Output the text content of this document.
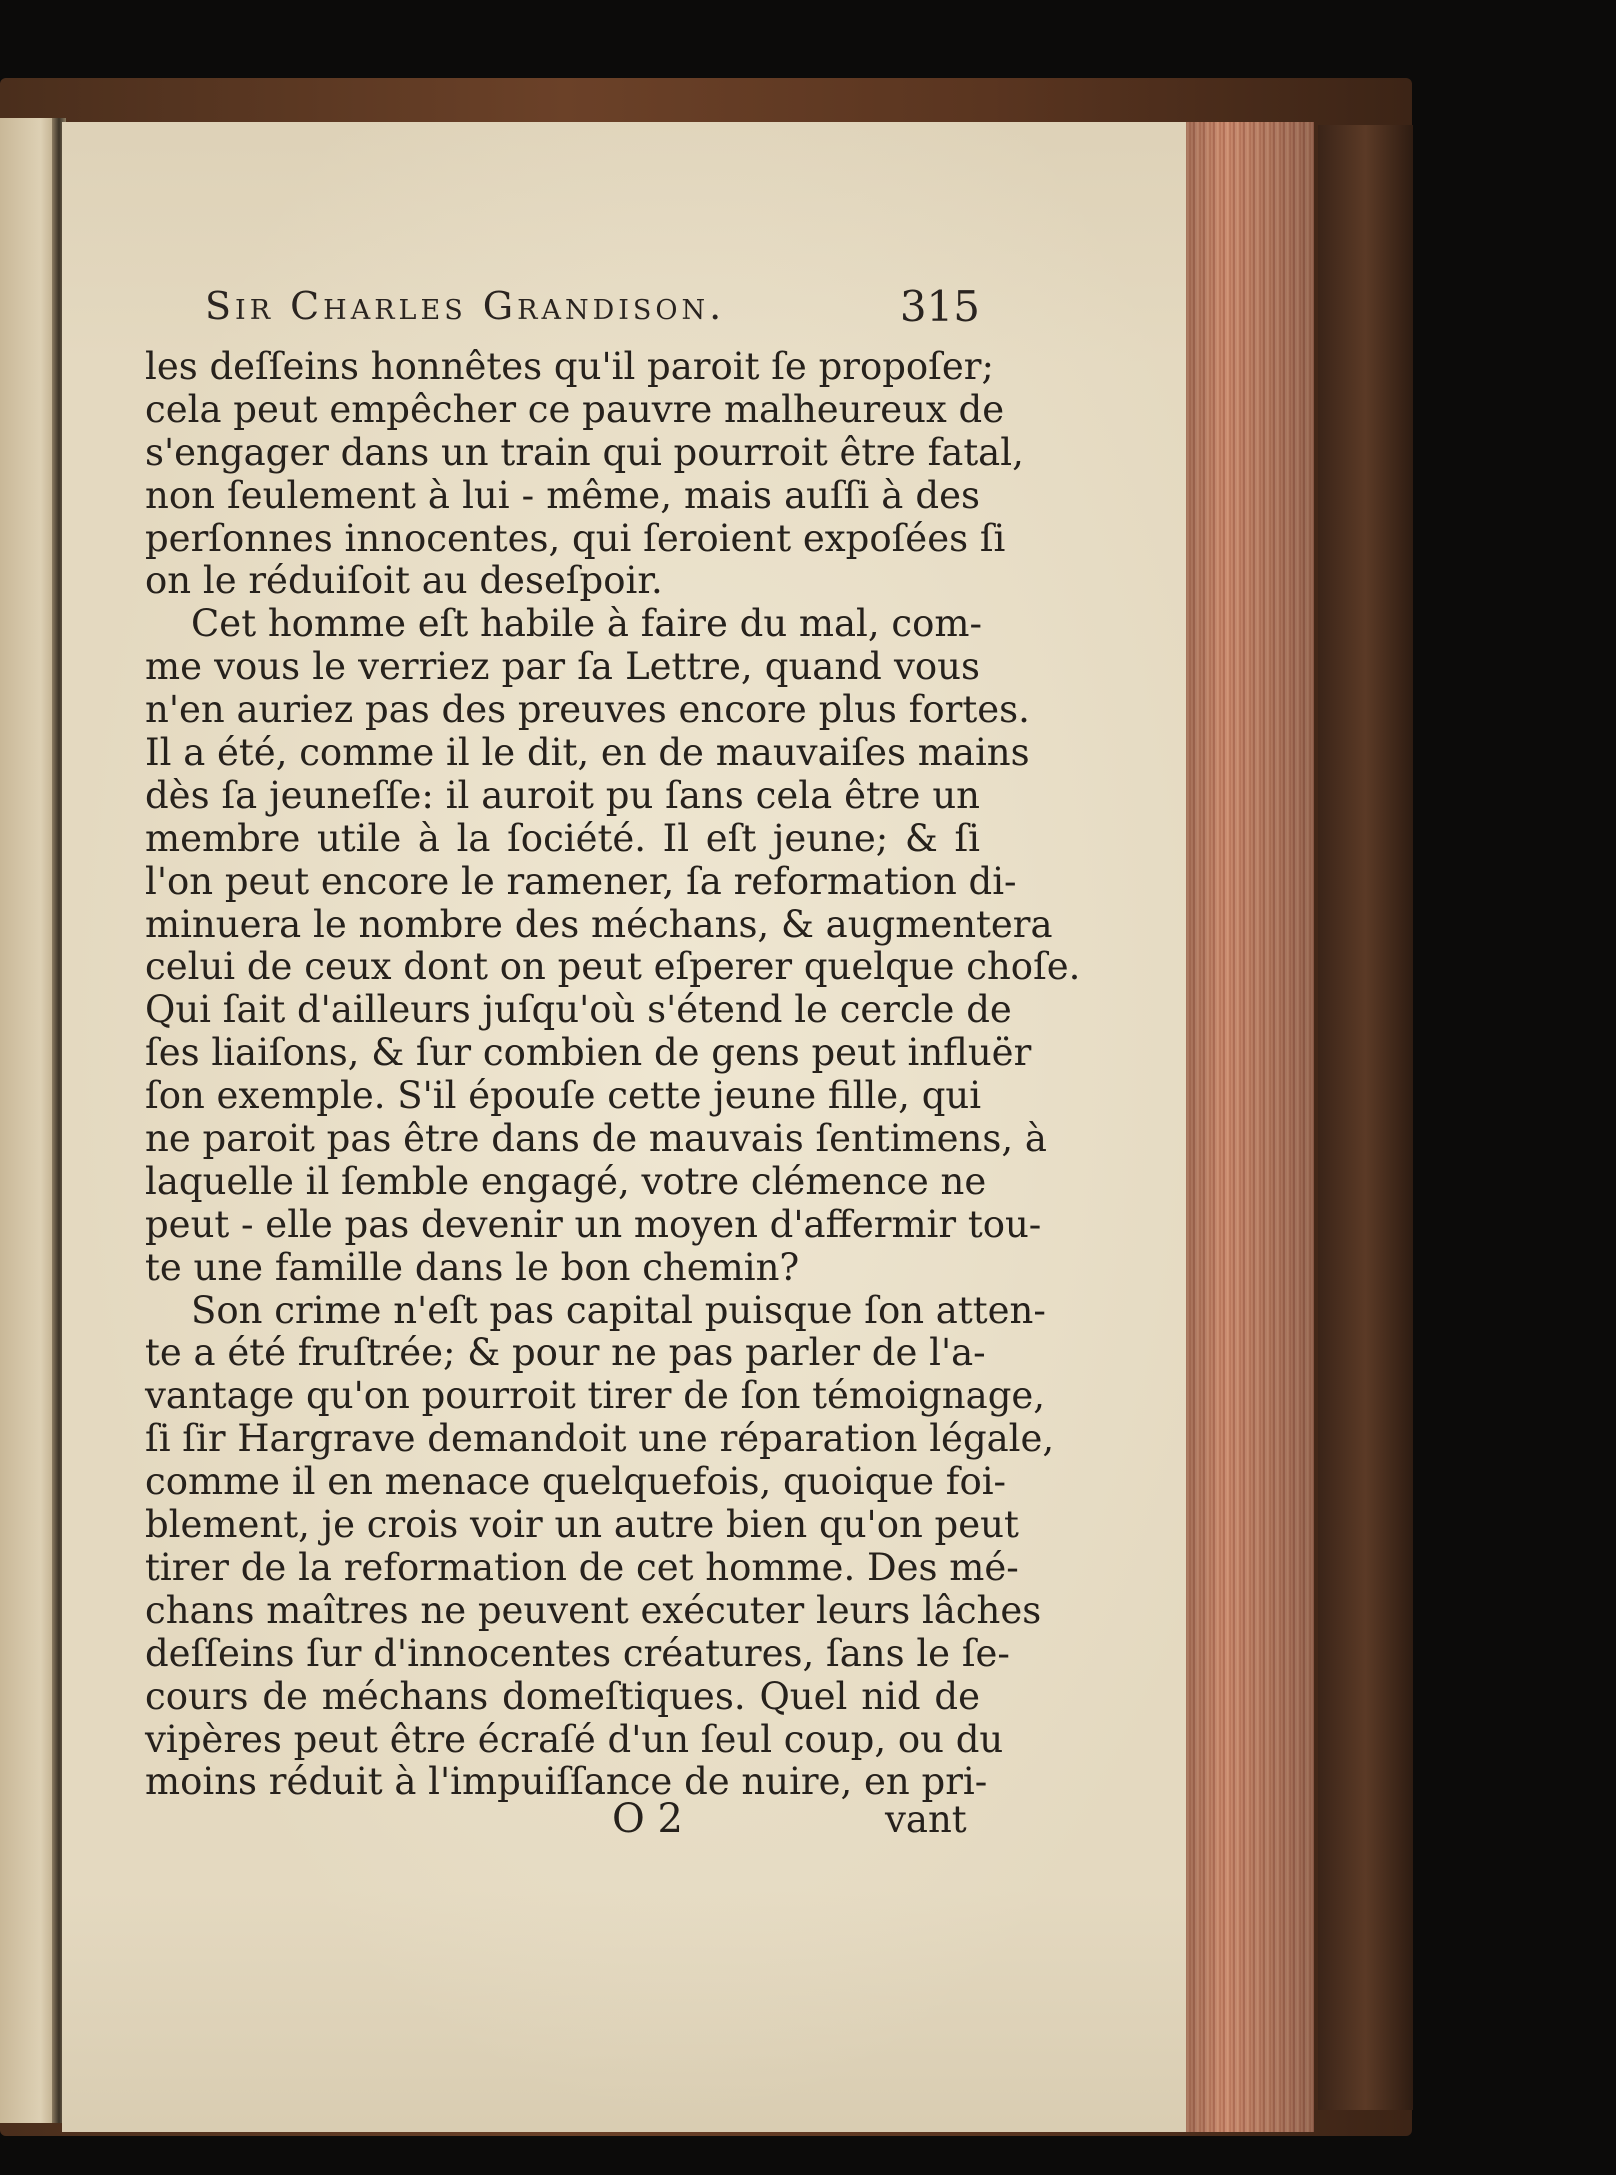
Sir Charles Grandison.	315
les deſſeins honnêtes qu'il paroit ſe propoſer;
cela peut empêcher ce pauvre malheureux de
s'engager dans un train qui pourroit être fatal,
non ſeulement à lui - même, mais auſſi à des
perſonnes innocentes, qui ſeroient expoſées ſi
on le réduiſoit au deseſpoir.
Cet homme eſt habile à faire du mal, com-
me vous le verriez par ſa Lettre, quand vous
n'en auriez pas des preuves encore plus fortes.
Il a été, comme il le dit, en de mauvaiſes mains
dès ſa jeuneſſe: il auroit pu ſans cela être un
membre utile à la ſociété. Il eſt jeune; & ſi
l'on peut encore le ramener, ſa reformation di-
minuera le nombre des méchans, & augmentera
celui de ceux dont on peut eſperer quelque choſe.
Qui ſait d'ailleurs juſqu'où s'étend le cercle de
ſes liaiſons, & ſur combien de gens peut influër
ſon exemple. S'il épouſe cette jeune fille, qui
ne paroit pas être dans de mauvais ſentimens, à
laquelle il ſemble engagé, votre clémence ne
peut - elle pas devenir un moyen d'affermir tou-
te une famille dans le bon chemin?
Son crime n'eſt pas capital puisque ſon atten-
te a été fruſtrée; & pour ne pas parler de l'a-
vantage qu'on pourroit tirer de ſon témoignage,
ſi ſir Hargrave demandoit une réparation légale,
comme il en menace quelquefois, quoique foi-
blement, je crois voir un autre bien qu'on peut
tirer de la reformation de cet homme. Des mé-
chans maîtres ne peuvent exécuter leurs lâches
deſſeins ſur d'innocentes créatures, ſans le ſe-
cours de méchans domeſtiques. Quel nid de
vipères peut être écraſé d'un ſeul coup, ou du
moins réduit à l'impuiſſance de nuire, en pri-
O 2	vant
